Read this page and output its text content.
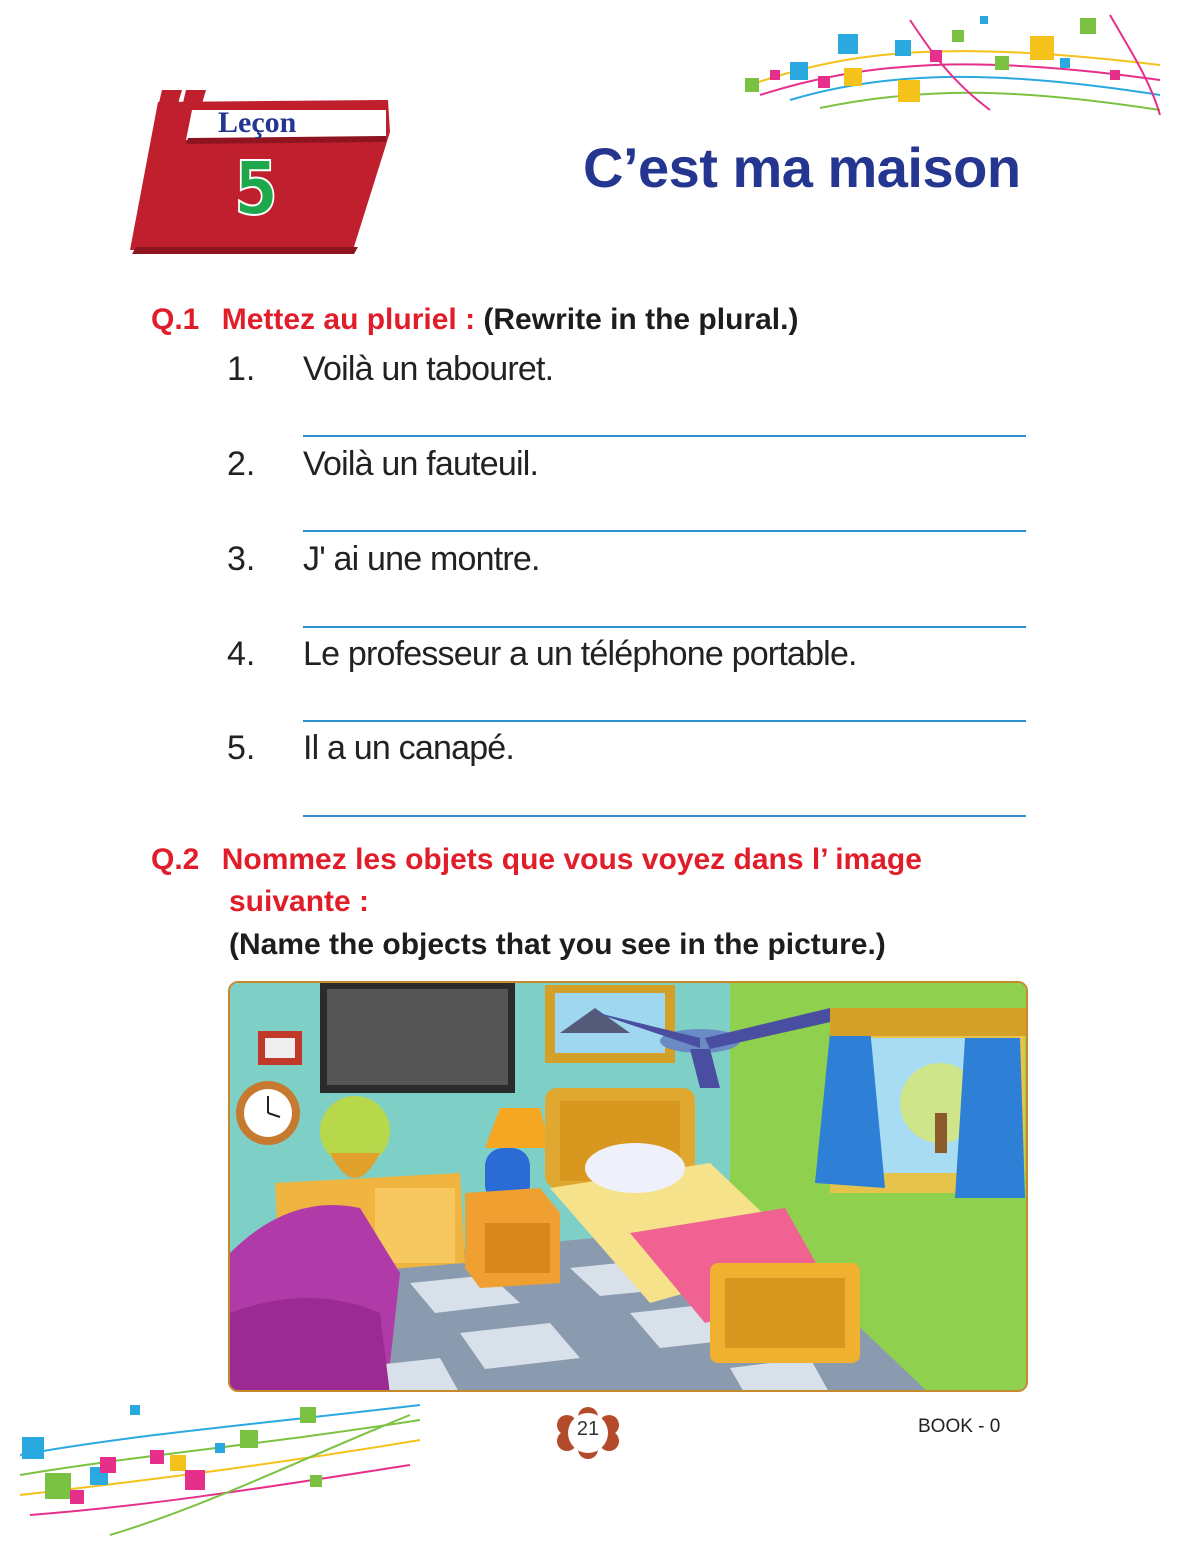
Leçon
5	C’est ma maison
Q.1 Mettez au pluriel : (Rewrite in the plural.)
1. Voilà un tabouret.
2. Voilà un fauteuil.
3. J' ai une montre.
4. Le professeur a un téléphone portable.
5. Il a un canapé.
Q.2 Nommez les objets que vous voyez dans l’ image
suivante :
(Name the objects that you see in the picture.)
21	BOOK - 0
